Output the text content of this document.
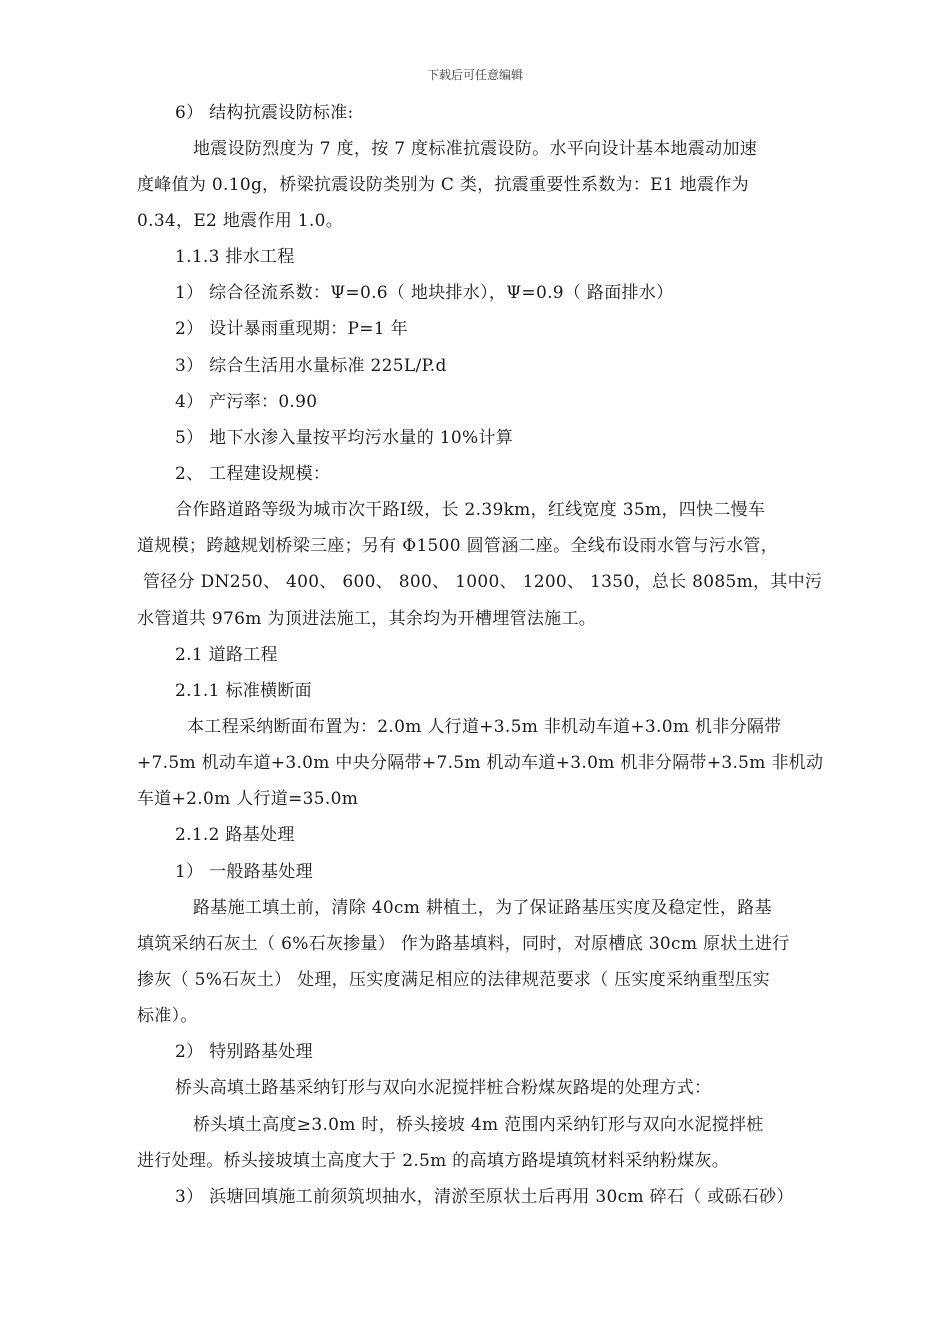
下载后可任意编辑
6） 结构抗震设防标准:
地震设防烈度为 7 度，按 7 度标准抗震设防。水平向设计基本地震动加速
度峰值为 0.10g，桥梁抗震设防类别为 C 类，抗震重要性系数为：E1 地震作为
0.34，E2 地震作用 1.0。
1.1.3 排水工程
1） 综合径流系数：Ψ=0.6（ 地块排水），Ψ=0.9（ 路面排水）
2） 设计暴雨重现期：P=1 年
3） 综合生活用水量标准 225L/P.d
4） 产污率：0.90
5） 地下水渗入量按平均污水量的 10%计算
2、 工程建设规模：
合作路道路等级为城市次干路Ⅰ级，长 2.39km，红线宽度 35m，四快二慢车
道规模；跨越规划桥梁三座；另有 Φ1500 圆管涵二座。全线布设雨水管与污水管，
管径分 DN250、 400、 600、 800、 1000、 1200、 1350，总长 8085m，其中污
水管道共 976m 为顶进法施工，其余均为开槽埋管法施工。
2.1 道路工程
2.1.1 标准横断面
本工程采纳断面布置为：2.0m 人行道+3.5m 非机动车道+3.0m 机非分隔带
+7.5m 机动车道+3.0m 中央分隔带+7.5m 机动车道+3.0m 机非分隔带+3.5m 非机动
车道+2.0m 人行道=35.0m
2.1.2 路基处理
1） 一般路基处理
路基施工填土前，清除 40cm 耕植土，为了保证路基压实度及稳定性，路基
填筑采纳石灰土（ 6%石灰掺量） 作为路基填料，同时，对原槽底 30cm 原状土进行
掺灰（ 5%石灰土） 处理，压实度满足相应的法律规范要求（ 压实度采纳重型压实
标准）。
2） 特别路基处理
桥头高填土路基采纳钉形与双向水泥搅拌桩合粉煤灰路堤的处理方式：
桥头填土高度≥3.0m 时，桥头接坡 4m 范围内采纳钉形与双向水泥搅拌桩
进行处理。桥头接坡填土高度大于 2.5m 的高填方路堤填筑材料采纳粉煤灰。
3） 浜塘回填施工前须筑坝抽水，清淤至原状土后再用 30cm 碎石（ 或砾石砂）
